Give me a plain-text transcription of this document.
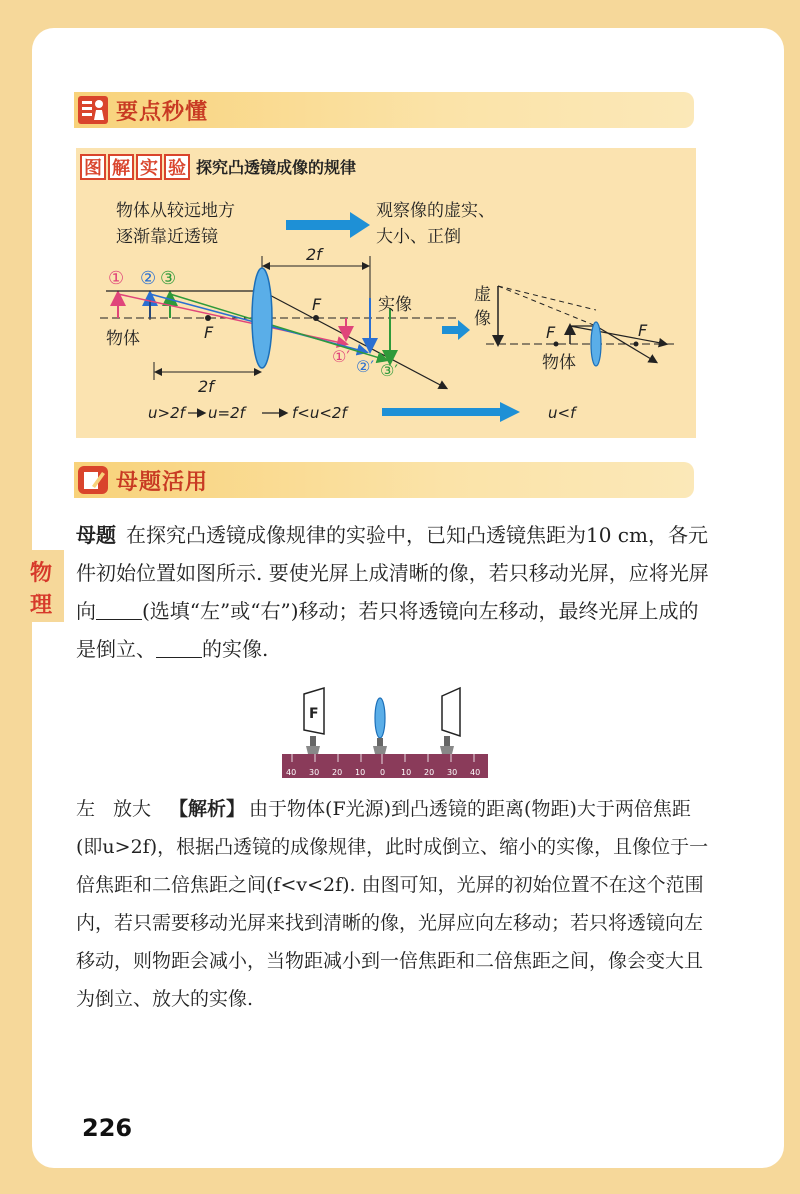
要点秒懂
图 解 实 验 探究凸透镜成像的规律
物体从较远地方
逐渐靠近透镜
观察像的虚实、
大小、正倒
2f
① ② ③
物体	F
F	实像
①′
②′ ③′
2f
u>2f u=2f	f<u<2f	u<f
虚
像
F	F
物体
母题活用
物
理
母题 在探究凸透镜成像规律的实验中，已知凸透镜焦距为10 cm，各元件初始位置如图所示. 要使光屏上成清晰的像，若只移动光屏，应将光屏向 (选填“左”或“右”)移动；若只将透镜向左移动，最终光屏上成的是倒立、 的实像.
F
40 30 20 10 0 10 20 30 40
左 放大 【解析】 由于物体(F光源)到凸透镜的距离(物距)大于两倍焦距(即u>2f)，根据凸透镜的成像规律，此时成倒立、缩小的实像，且像位于一倍焦距和二倍焦距之间(f<v<2f). 由图可知，光屏的初始位置不在这个范围内，若只需要移动光屏来找到清晰的像，光屏应向左移动；若只将透镜向左移动，则物距会减小，当物距减小到一倍焦距和二倍焦距之间，像会变大且为倒立、放大的实像.
226
